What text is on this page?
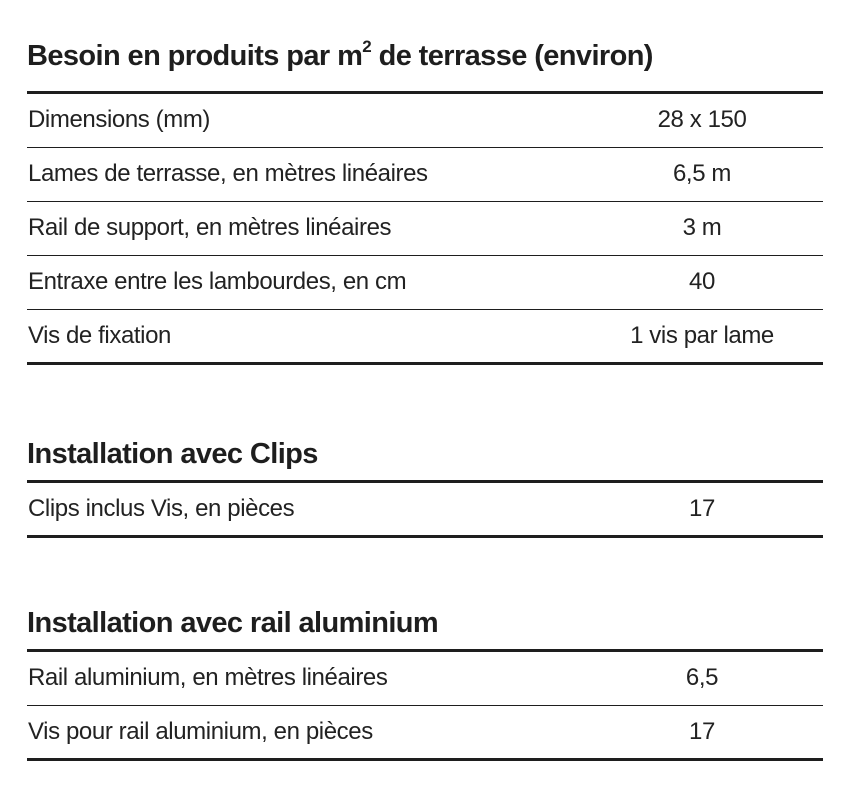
Besoin en produits par $m^2$ de terrasse (environ)
Dimensions (mm)	28 x 150
Lames de terrasse, en mètres linéaires	6,5 m
Rail de support, en mètres linéaires	3 m
Entraxe entre les lambourdes, en cm	40
Vis de fixation	1 vis par lame
Installation avec Clips
Clips inclus Vis, en pièces	17
Installation avec rail aluminium
Rail aluminium, en mètres linéaires	6,5
Vis pour rail aluminium, en pièces	17
